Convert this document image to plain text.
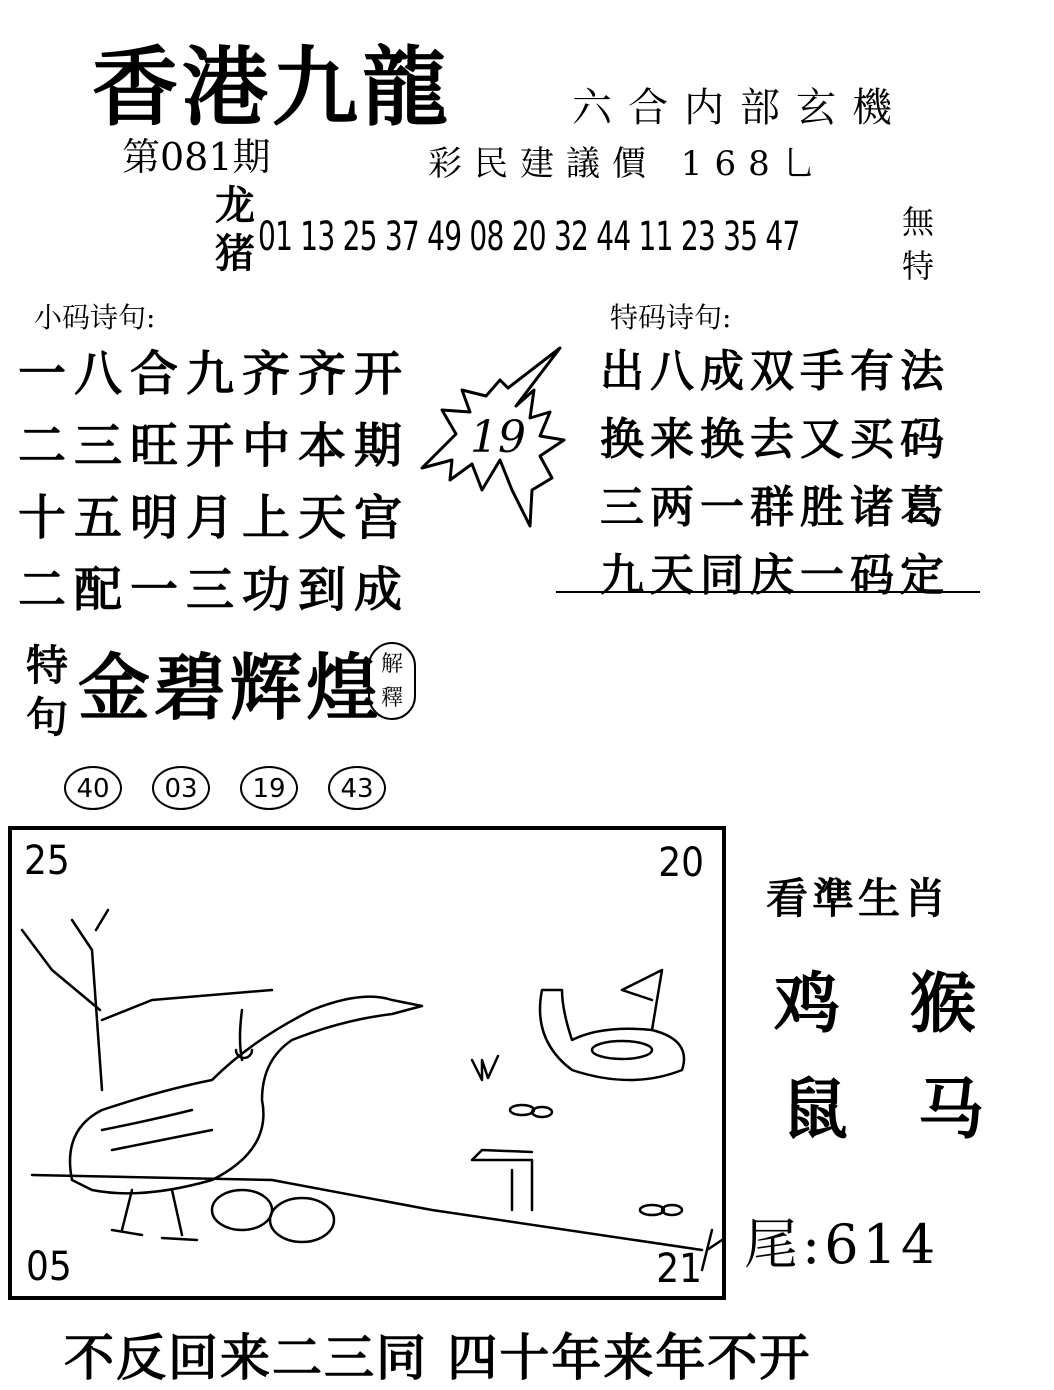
香港九龍	六合内部玄機
第081期	彩民建議價 168乚
龙
猪 01 13 25 37 49 08 20 32 44 11 23 35 47	無
特
小码诗句:
一八合九齐齐开
二三旺开中本期
十五明月上天宫
二配一三功到成
19
特码诗句:
出八成双手有法
换来换去又买码
三两一群胜诸葛
九天同庆一码定
特
句 金碧辉煌
解
釋
40	03	19	43
25	20
05	21
看準生肖
鸡猴
鼠马
尾:614
不反回来二三同 四十年来年不开
